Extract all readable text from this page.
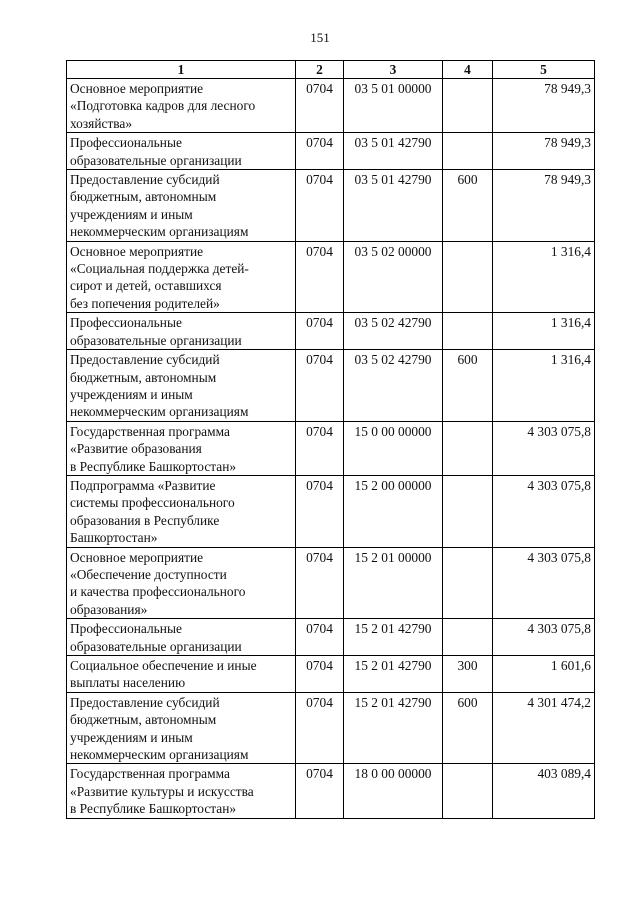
151
1	2	3	4	5

Основное мероприятие
«Подготовка кадров для лесного
хозяйства»	0704	03 5 01 00000		78 949,3

Профессиональные
образовательные организации	0704	03 5 01 42790		78 949,3

Предоставление субсидий
бюджетным, автономным
учреждениям и иным
некоммерческим организациям	0704	03 5 01 42790	600	78 949,3

Основное мероприятие
«Социальная поддержка детей-
сирот и детей, оставшихся
без попечения родителей»	0704	03 5 02 00000		1 316,4

Профессиональные
образовательные организации	0704	03 5 02 42790		1 316,4

Предоставление субсидий
бюджетным, автономным
учреждениям и иным
некоммерческим организациям	0704	03 5 02 42790	600	1 316,4

Государственная программа
«Развитие образования
в Республике Башкортостан»	0704	15 0 00 00000		4 303 075,8

Подпрограмма «Развитие
системы профессионального
образования в Республике
Башкортостан»	0704	15 2 00 00000		4 303 075,8

Основное мероприятие
«Обеспечение доступности
и качества профессионального
образования»	0704	15 2 01 00000		4 303 075,8

Профессиональные
образовательные организации	0704	15 2 01 42790		4 303 075,8

Социальное обеспечение и иные
выплаты населению	0704	15 2 01 42790	300	1 601,6

Предоставление субсидий
бюджетным, автономным
учреждениям и иным
некоммерческим организациям	0704	15 2 01 42790	600	4 301 474,2

Государственная программа
«Развитие культуры и искусства
в Республике Башкортостан»	0704	18 0 00 00000		403 089,4
